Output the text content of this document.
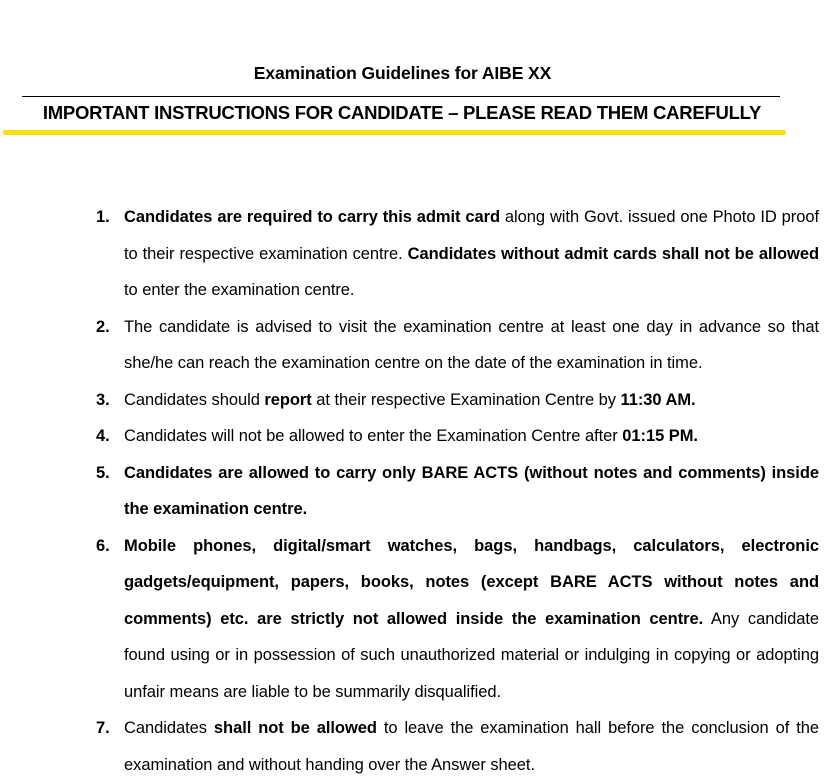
Examination Guidelines for AIBE XX
IMPORTANT INSTRUCTIONS FOR CANDIDATE – PLEASE READ THEM CAREFULLY
1. Candidates are required to carry this admit card along with Govt. issued one Photo ID proof to their respective examination centre. Candidates without admit cards shall not be allowed to enter the examination centre.
2. The candidate is advised to visit the examination centre at least one day in advance so that she/he can reach the examination centre on the date of the examination in time.
3. Candidates should report at their respective Examination Centre by 11:30 AM.
4. Candidates will not be allowed to enter the Examination Centre after 01:15 PM.
5. Candidates are allowed to carry only BARE ACTS (without notes and comments) inside the examination centre.
6. Mobile phones, digital/smart watches, bags, handbags, calculators, electronic gadgets/equipment, papers, books, notes (except BARE ACTS without notes and comments) etc. are strictly not allowed inside the examination centre. Any candidate found using or in possession of such unauthorized material or indulging in copying or adopting unfair means are liable to be summarily disqualified.
7. Candidates shall not be allowed to leave the examination hall before the conclusion of the examination and without handing over the Answer sheet.
